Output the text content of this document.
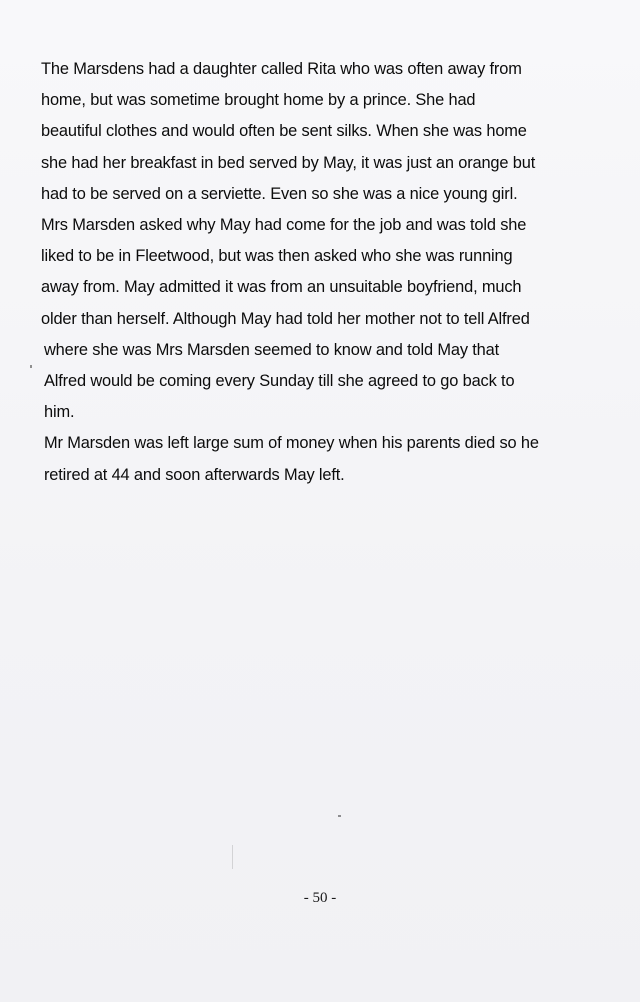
The Marsdens had a daughter called Rita who was often away from

home, but was sometime brought home by a prince. She had

beautiful clothes and would often be sent silks. When she was home

she had her breakfast in bed served by May, it was just an orange but

had to be served on a serviette. Even so she was a nice young girl.

Mrs Marsden asked why May had come for the job and was told she

liked to be in Fleetwood, but was then asked who she was running

away from. May admitted it was from an unsuitable boyfriend, much

older than herself. Although May had told her mother not to tell Alfred

where she was Mrs Marsden seemed to know and told May that

Alfred would be coming every Sunday till she agreed to go back to

him.

Mr Marsden was left large sum of money when his parents died so he

retired at 44 and soon afterwards May left.

- 50 -
